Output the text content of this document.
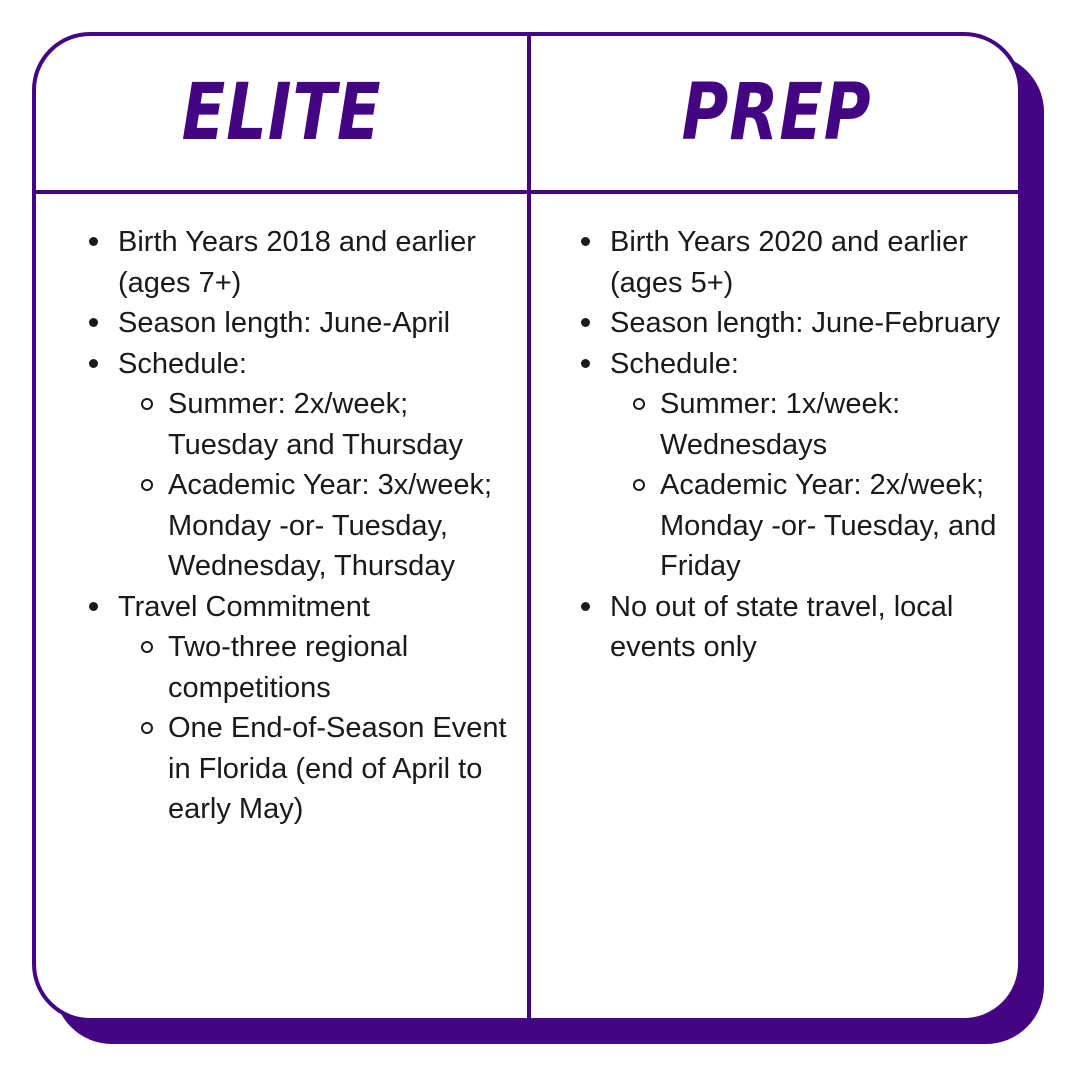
ELITE	PREP
Birth Years 2018 and earlier (ages 7+)
Season length: June-April
Schedule:
Summer: 2x/week; Tuesday and Thursday
Academic Year: 3x/week; Monday -or- Tuesday, Wednesday, Thursday
Travel Commitment
Two-three regional competitions
One End-of-Season Event in Florida (end of April to early May)
Birth Years 2020 and earlier (ages 5+)
Season length: June-February
Schedule:
Summer: 1x/week: Wednesdays
Academic Year: 2x/week; Monday -or- Tuesday, and Friday
No out of state travel, local events only
